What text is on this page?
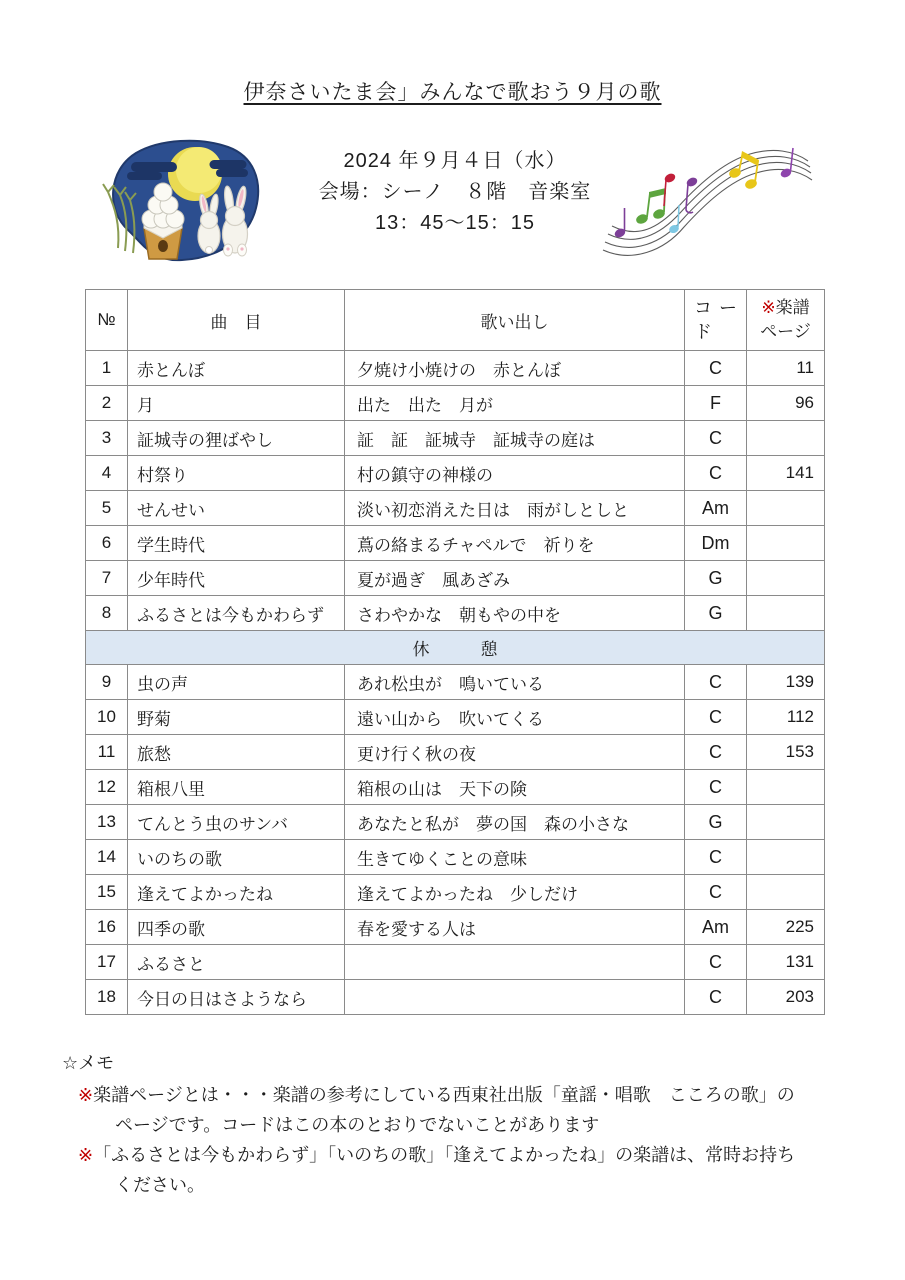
伊奈さいたま会」みんなで歌おう９月の歌
2024 年９月４日（水）
会場：シーノ　８階　音楽室
13：45～15：15
№	曲　目	歌い出し	コード	※楽譜
ページ
1	赤とんぼ	夕焼け小焼けの　赤とんぼ	C	11
2	月	出た　出た　月が	F	96
3	証城寺の狸ばやし	証　証　証城寺　証城寺の庭は	C	
4	村祭り	村の鎮守の神様の	C	141
5	せんせい	淡い初恋消えた日は　雨がしとしと	Am	
6	学生時代	蔦の絡まるチャペルで　祈りを	Dm	
7	少年時代	夏が過ぎ　風あざみ	G	
8	ふるさとは今もかわらず	さわやかな　朝もやの中を	G	
休　　　憩				
9	虫の声	あれ松虫が　鳴いている	C	139
10	野菊	遠い山から　吹いてくる	C	112
11	旅愁	更け行く秋の夜	C	153
12	箱根八里	箱根の山は　天下の険	C	
13	てんとう虫のサンバ	あなたと私が　夢の国　森の小さな	G	
14	いのちの歌	生きてゆくことの意味	C	
15	逢えてよかったね	逢えてよかったね　少しだけ	C	
16	四季の歌	春を愛する人は	Am	225
17	ふるさと		C	131
18	今日の日はさようなら		C	203
☆メモ
※楽譜ページとは・・・楽譜の参考にしている西東社出版「童謡・唱歌　こころの歌」の
ページです。コードはこの本のとおりでないことがあります
※「ふるさとは今もかわらず」「いのちの歌」「逢えてよかったね」の楽譜は、常時お持ち
ください。
